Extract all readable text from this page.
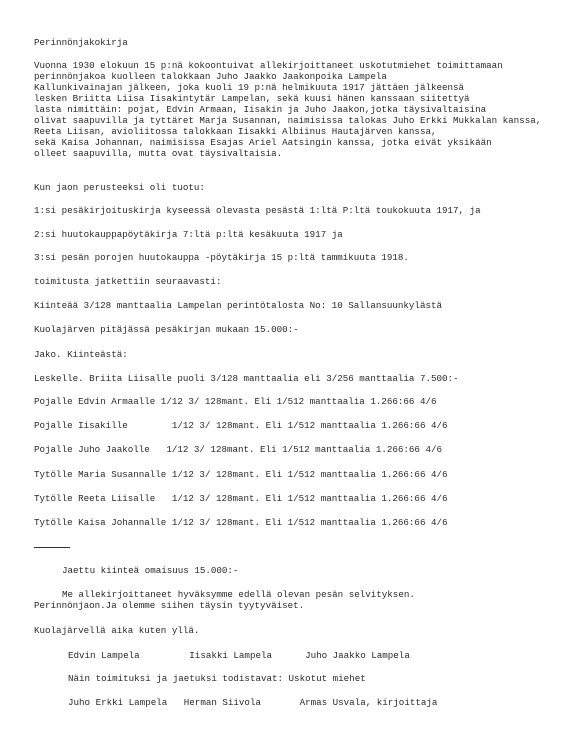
Perinnönjakokirja
Vuonna 1930 elokuun 15 p:nä kokoontuivat allekirjoittaneet uskotutmiehet toimittamaan
perinnönjakoa kuolleen talokkaan Juho Jaakko Jaakonpoika Lampela
Kallunkivainajan jälkeen, joka kuoli 19 p:nä helmikuuta 1917 jättäen jälkeensä
lesken Briitta Liisa Iisakintytär Lampelan, sekä kuusi hänen kanssaan siitettyä
lasta nimittäin: pojat, Edvin Armaan, Iisakin ja Juho Jaakon,jotka täysivaltaisina
olivat saapuvilla ja tyttäret Marja Susannan, naimisissa talokas Juho Erkki Mukkalan kanssa,
Reeta Liisan, avioliitossa talokkaan Iisakki Albiinus Hautajärven kanssa,
sekä Kaisa Johannan, naimisissa Esajas Ariel Aatsingin kanssa, jotka eivät yksikään
olleet saapuvilla, mutta ovat täysivaltaisia.
Kun jaon perusteeksi oli tuotu:
1:si pesäkirjoituskirja kyseessä olevasta pesästä 1:ltä P:ltä toukokuuta 1917, ja
2:si huutokauppapöytäkirja 7:ltä p:ltä kesäkuuta 1917 ja
3:si pesän porojen huutokauppa -pöytäkirja 15 p:ltä tammikuuta 1918.
toimitusta jatkettiin seuraavasti:
Kiinteää 3/128 manttaalia Lampelan perintötalosta No: 10 Sallansuunkylästä
Kuolajärven pitäjässä pesäkirjan mukaan 15.000:-
Jako. Kiinteästä:
Leskelle. Briita Liisalle puoli 3/128 manttaalia eli 3/256 manttaalia 7.500:-
Pojalle Edvin Armaalle 1/12 3/ 128mant. Eli 1/512 manttaalia 1.266:66 4/6
Pojalle Iisakille        1/12 3/ 128mant. Eli 1/512 manttaalia 1.266:66 4/6
Pojalle Juho Jaakolle   1/12 3/ 128mant. Eli 1/512 manttaalia 1.266:66 4/6
Tytölle Maria Susannalle 1/12 3/ 128mant. Eli 1/512 manttaalia 1.266:66 4/6
Tytölle Reeta Liisalle   1/12 3/ 128mant. Eli 1/512 manttaalia 1.266:66 4/6
Tytölle Kaisa Johannalle 1/12 3/ 128mant. Eli 1/512 manttaalia 1.266:66 4/6
Jaettu kiinteä omaisuus 15.000:-
Me allekirjoittaneet hyväksymme edellä olevan pesän selvityksen.
Perinnönjaon.Ja olemme siihen täysin tyytyväiset.
Kuolajärvellä aika kuten yllä.
Edvin Lampela         Iisakki Lampela      Juho Jaakko Lampela
Näin toimituksi ja jaetuksi todistavat: Uskotut miehet
Juho Erkki Lampela   Herman Siivola       Armas Usvala, kirjoittaja
